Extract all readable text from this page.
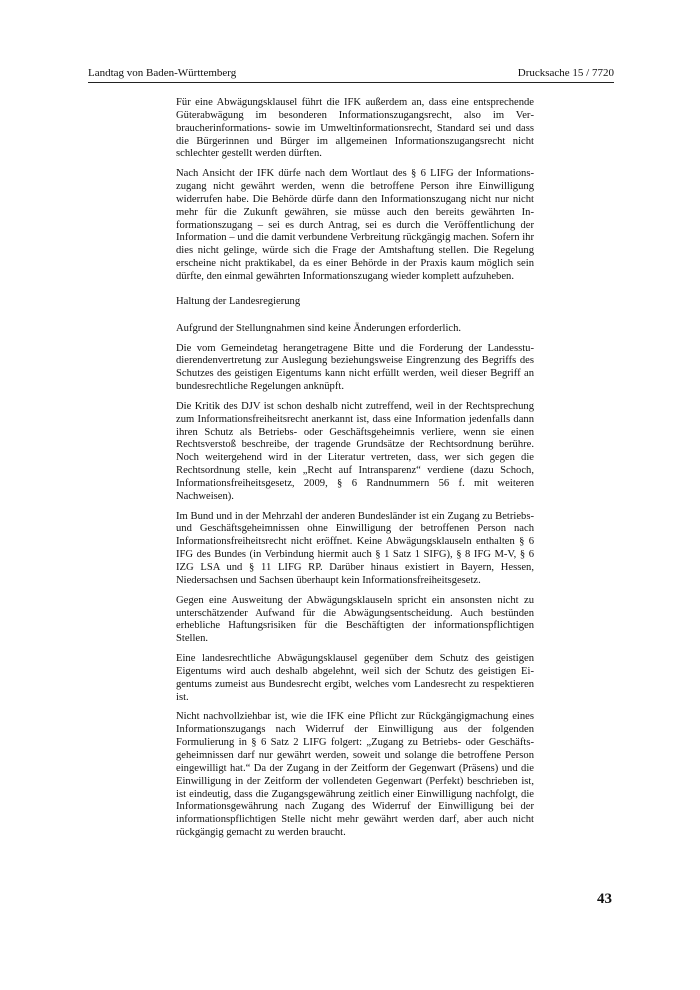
Landtag von Baden-Württemberg	Drucksache 15 / 7720

Für eine Abwägungsklausel führt die IFK außerdem an, dass eine entsprechende Güterabwägung im besonderen Informationszugangsrecht, also im Verbraucherinformations- sowie im Umweltinformationsrecht, Standard sei und dass die Bürgerinnen und Bürger im allgemeinen Informationszugangsrecht nicht schlechter gestellt werden dürften.

Nach Ansicht der IFK dürfe nach dem Wortlaut des § 6 LIFG der Informationszugang nicht gewährt werden, wenn die betroffene Person ihre Einwilligung widerrufen habe. Die Behörde dürfe dann den Informationszugang nicht nur nicht mehr für die Zukunft gewähren, sie müsse auch den bereits gewährten Informationszugang – sei es durch Antrag, sei es durch die Veröffentlichung der Information – und die damit verbundene Verbreitung rückgängig machen. Sofern ihr dies nicht gelinge, würde sich die Frage der Amtshaftung stellen. Die Regelung erscheine nicht praktikabel, da es einer Behörde in der Praxis kaum möglich sein dürfte, den einmal gewährten Informationszugang wieder komplett aufzuheben.

Haltung der Landesregierung

Aufgrund der Stellungnahmen sind keine Änderungen erforderlich.

Die vom Gemeindetag herangetragene Bitte und die Forderung der Landesstudierendenvertretung zur Auslegung beziehungsweise Eingrenzung des Begriffs des Schutzes des geistigen Eigentums kann nicht erfüllt werden, weil dieser Begriff an bundesrechtliche Regelungen anknüpft.

Die Kritik des DJV ist schon deshalb nicht zutreffend, weil in der Rechtsprechung zum Informationsfreiheitsrecht anerkannt ist, dass eine Information jedenfalls dann ihren Schutz als Betriebs- oder Geschäftsgeheimnis verliere, wenn sie einen Rechtsverstoß beschreibe, der tragende Grundsätze der Rechtsordnung berühre. Noch weitergehend wird in der Literatur vertreten, dass, wer sich gegen die Rechtsordnung stelle, kein „Recht auf Intransparenz“ verdiene (dazu Schoch, Informationsfreiheitsgesetz, 2009, § 6 Randnummern 56 f. mit weiteren Nachweisen).

Im Bund und in der Mehrzahl der anderen Bundesländer ist ein Zugang zu Betriebs- und Geschäftsgeheimnissen ohne Einwilligung der betroffenen Person nach Informationsfreiheitsrecht nicht eröffnet. Keine Abwägungsklauseln enthalten § 6 IFG des Bundes (in Verbindung hiermit auch § 1 Satz 1 SIFG), § 8 IFG M-V, § 6 IZG LSA und § 11 LIFG RP. Darüber hinaus existiert in Bayern, Hessen, Niedersachsen und Sachsen überhaupt kein Informationsfreiheitsgesetz.

Gegen eine Ausweitung der Abwägungsklauseln spricht ein ansonsten nicht zu unterschätzender Aufwand für die Abwägungsentscheidung. Auch bestünden erhebliche Haftungsrisiken für die Beschäftigten der informationspflichtigen Stellen.

Eine landesrechtliche Abwägungsklausel gegenüber dem Schutz des geistigen Eigentums wird auch deshalb abgelehnt, weil sich der Schutz des geistigen Eigentums zumeist aus Bundesrecht ergibt, welches vom Landesrecht zu respektieren ist.

Nicht nachvollziehbar ist, wie die IFK eine Pflicht zur Rückgängigmachung eines Informationszugangs nach Widerruf der Einwilligung aus der folgenden Formulierung in § 6 Satz 2 LIFG folgert: „Zugang zu Betriebs- oder Geschäftsgeheimnissen darf nur gewährt werden, soweit und solange die betroffene Person eingewilligt hat.“ Da der Zugang in der Zeitform der Gegenwart (Präsens) und die Einwilligung in der Zeitform der vollendeten Gegenwart (Perfekt) beschrieben ist, ist eindeutig, dass die Zugangsgewährung zeitlich einer Einwilligung nachfolgt, die Informationsgewährung nach Zugang des Widerruf der Einwilligung bei der informationspflichtigen Stelle nicht mehr gewährt werden darf, aber auch nicht rückgängig gemacht zu werden braucht.

43
